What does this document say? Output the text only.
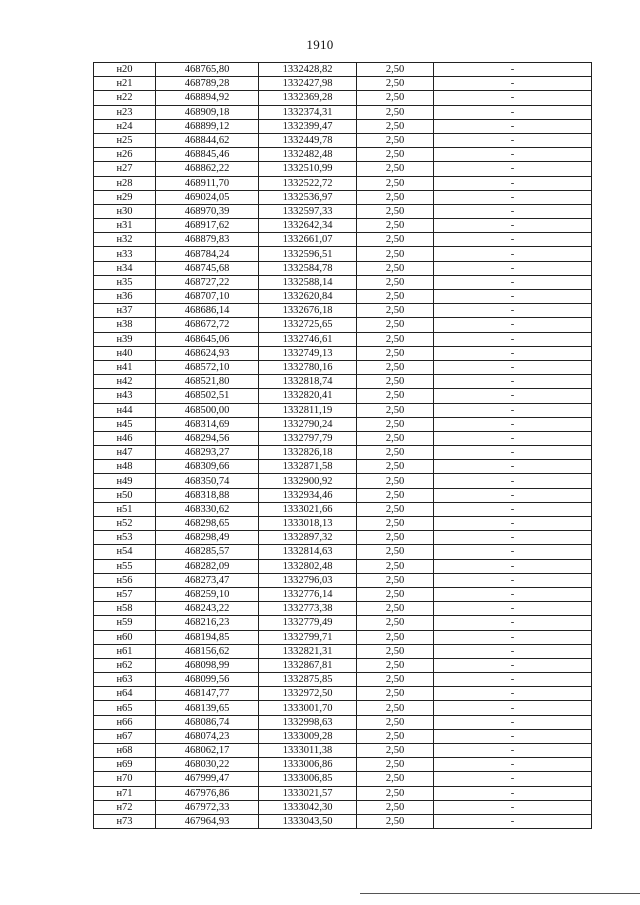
1910
н20	468765,80	1332428,82	2,50	-
н21	468789,28	1332427,98	2,50	-
н22	468894,92	1332369,28	2,50	-
н23	468909,18	1332374,31	2,50	-
н24	468899,12	1332399,47	2,50	-
н25	468844,62	1332449,78	2,50	-
н26	468845,46	1332482,48	2,50	-
н27	468862,22	1332510,99	2,50	-
н28	468911,70	1332522,72	2,50	-
н29	469024,05	1332536,97	2,50	-
н30	468970,39	1332597,33	2,50	-
н31	468917,62	1332642,34	2,50	-
н32	468879,83	1332661,07	2,50	-
н33	468784,24	1332596,51	2,50	-
н34	468745,68	1332584,78	2,50	-
н35	468727,22	1332588,14	2,50	-
н36	468707,10	1332620,84	2,50	-
н37	468686,14	1332676,18	2,50	-
н38	468672,72	1332725,65	2,50	-
н39	468645,06	1332746,61	2,50	-
н40	468624,93	1332749,13	2,50	-
н41	468572,10	1332780,16	2,50	-
н42	468521,80	1332818,74	2,50	-
н43	468502,51	1332820,41	2,50	-
н44	468500,00	1332811,19	2,50	-
н45	468314,69	1332790,24	2,50	-
н46	468294,56	1332797,79	2,50	-
н47	468293,27	1332826,18	2,50	-
н48	468309,66	1332871,58	2,50	-
н49	468350,74	1332900,92	2,50	-
н50	468318,88	1332934,46	2,50	-
н51	468330,62	1333021,66	2,50	-
н52	468298,65	1333018,13	2,50	-
н53	468298,49	1332897,32	2,50	-
н54	468285,57	1332814,63	2,50	-
н55	468282,09	1332802,48	2,50	-
н56	468273,47	1332796,03	2,50	-
н57	468259,10	1332776,14	2,50	-
н58	468243,22	1332773,38	2,50	-
н59	468216,23	1332779,49	2,50	-
н60	468194,85	1332799,71	2,50	-
н61	468156,62	1332821,31	2,50	-
н62	468098,99	1332867,81	2,50	-
н63	468099,56	1332875,85	2,50	-
н64	468147,77	1332972,50	2,50	-
н65	468139,65	1333001,70	2,50	-
н66	468086,74	1332998,63	2,50	-
н67	468074,23	1333009,28	2,50	-
н68	468062,17	1333011,38	2,50	-
н69	468030,22	1333006,86	2,50	-
н70	467999,47	1333006,85	2,50	-
н71	467976,86	1333021,57	2,50	-
н72	467972,33	1333042,30	2,50	-
н73	467964,93	1333043,50	2,50	-
